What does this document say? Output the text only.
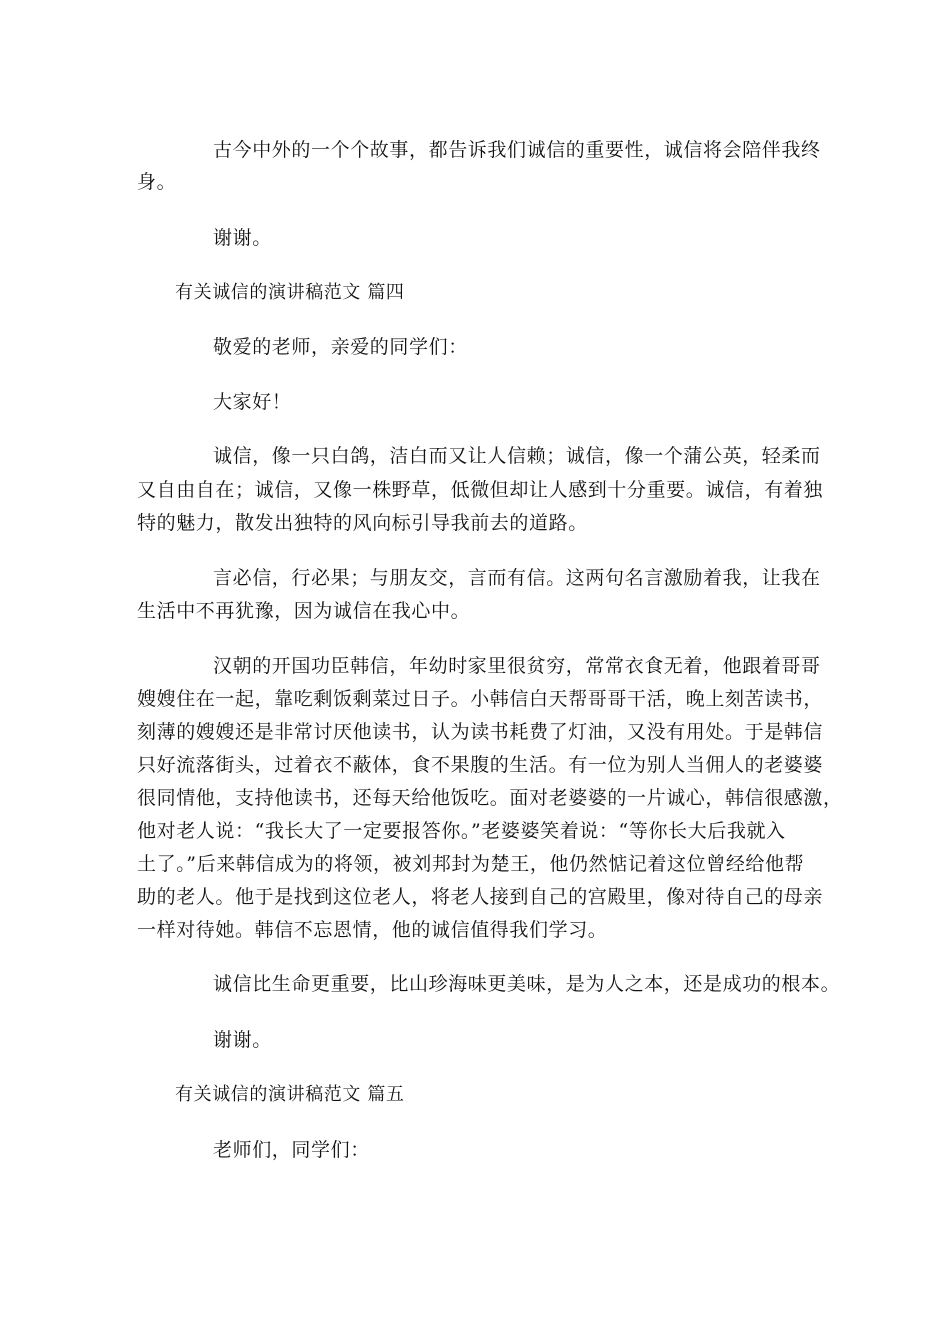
古今中外的一个个故事，都告诉我们诚信的重要性，诚信将会陪伴我终
身。
谢谢。
有关诚信的演讲稿范文 篇四
敬爱的老师，亲爱的同学们：
大家好！
诚信，像一只白鸽，洁白而又让人信赖；诚信，像一个蒲公英，轻柔而
又自由自在；诚信，又像一株野草，低微但却让人感到十分重要。诚信，有着独
特的魅力，散发出独特的风向标引导我前去的道路。
言必信，行必果；与朋友交，言而有信。这两句名言激励着我，让我在
生活中不再犹豫，因为诚信在我心中。
汉朝的开国功臣韩信，年幼时家里很贫穷，常常衣食无着，他跟着哥哥
嫂嫂住在一起，靠吃剩饭剩菜过日子。小韩信白天帮哥哥干活，晚上刻苦读书，
刻薄的嫂嫂还是非常讨厌他读书，认为读书耗费了灯油，又没有用处。于是韩信
只好流落街头，过着衣不蔽体，食不果腹的生活。有一位为别人当佣人的老婆婆
很同情他，支持他读书，还每天给他饭吃。面对老婆婆的一片诚心，韩信很感激，
他对老人说：“我长大了一定要报答你。”老婆婆笑着说：“等你长大后我就入
土了。”后来韩信成为的将领，被刘邦封为楚王，他仍然惦记着这位曾经给他帮
助的老人。他于是找到这位老人，将老人接到自己的宫殿里，像对待自己的母亲
一样对待她。韩信不忘恩情，他的诚信值得我们学习。
诚信比生命更重要，比山珍海味更美味，是为人之本，还是成功的根本。
谢谢。
有关诚信的演讲稿范文 篇五
老师们，同学们：
